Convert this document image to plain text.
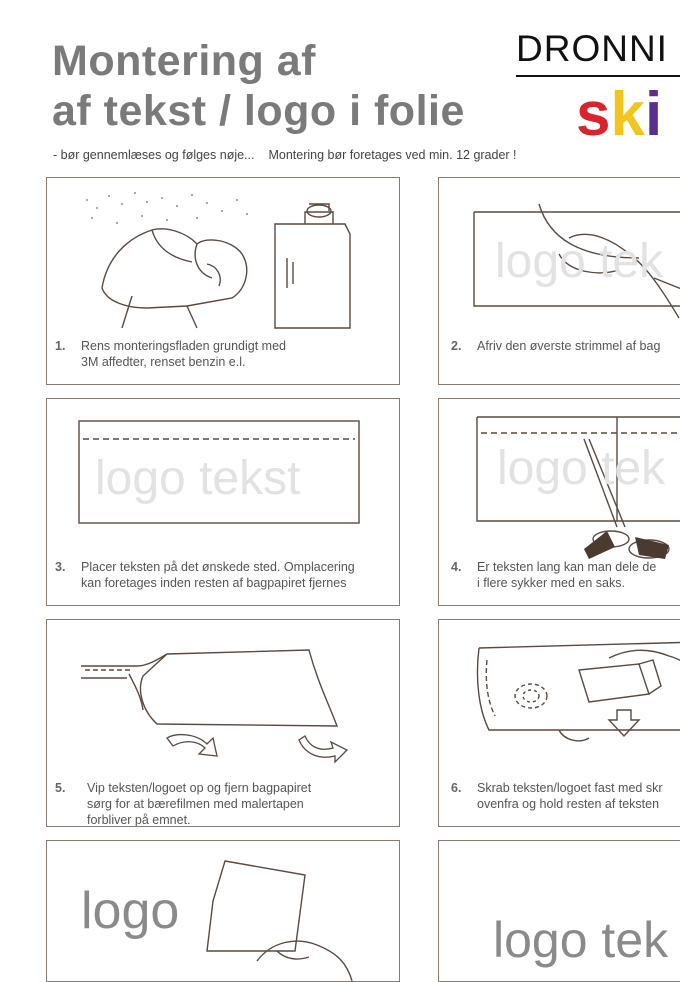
Montering af
af tekst / logo i folie
DRONNI
ski
- bør gennemlæses og følges nøje... Montering bør foretages ved min. 12 grader !
1. Rens monteringsfladen grundigt med
3M affedter, renset benzin e.l.
logo tek
2. Afriv den øverste strimmel af bag
logo tekst
3. Placer teksten på det ønskede sted. Omplacering
kan foretages inden resten af bagpapiret fjernes
logo tek
4. Er teksten lang kan man dele de
i flere sykker med en saks.
5. Vip teksten/logoet op og fjern bagpapiret
sørg for at bærefilmen med malertapen
forbliver på emnet.
6. Skrab teksten/logoet fast med skr
ovenfra og hold resten af teksten
logo	logo tek
